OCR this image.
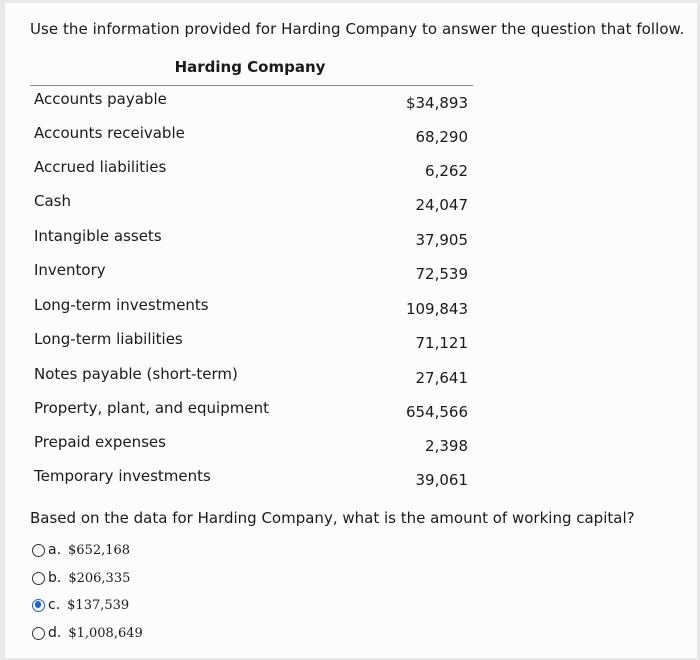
Use the information provided for Harding Company to answer the question that follow.
Harding Company
Accounts payable	$34,893
Accounts receivable	68,290
Accrued liabilities	6,262
Cash	24,047
Intangible assets	37,905
Inventory	72,539
Long-term investments	109,843
Long-term liabilities	71,121
Notes payable (short-term)	27,641
Property, plant, and equipment	654,566
Prepaid expenses	2,398
Temporary investments	39,061
Based on the data for Harding Company, what is the amount of working capital?
a. $652,168
b. $206,335
c. $137,539
d. $1,008,649
